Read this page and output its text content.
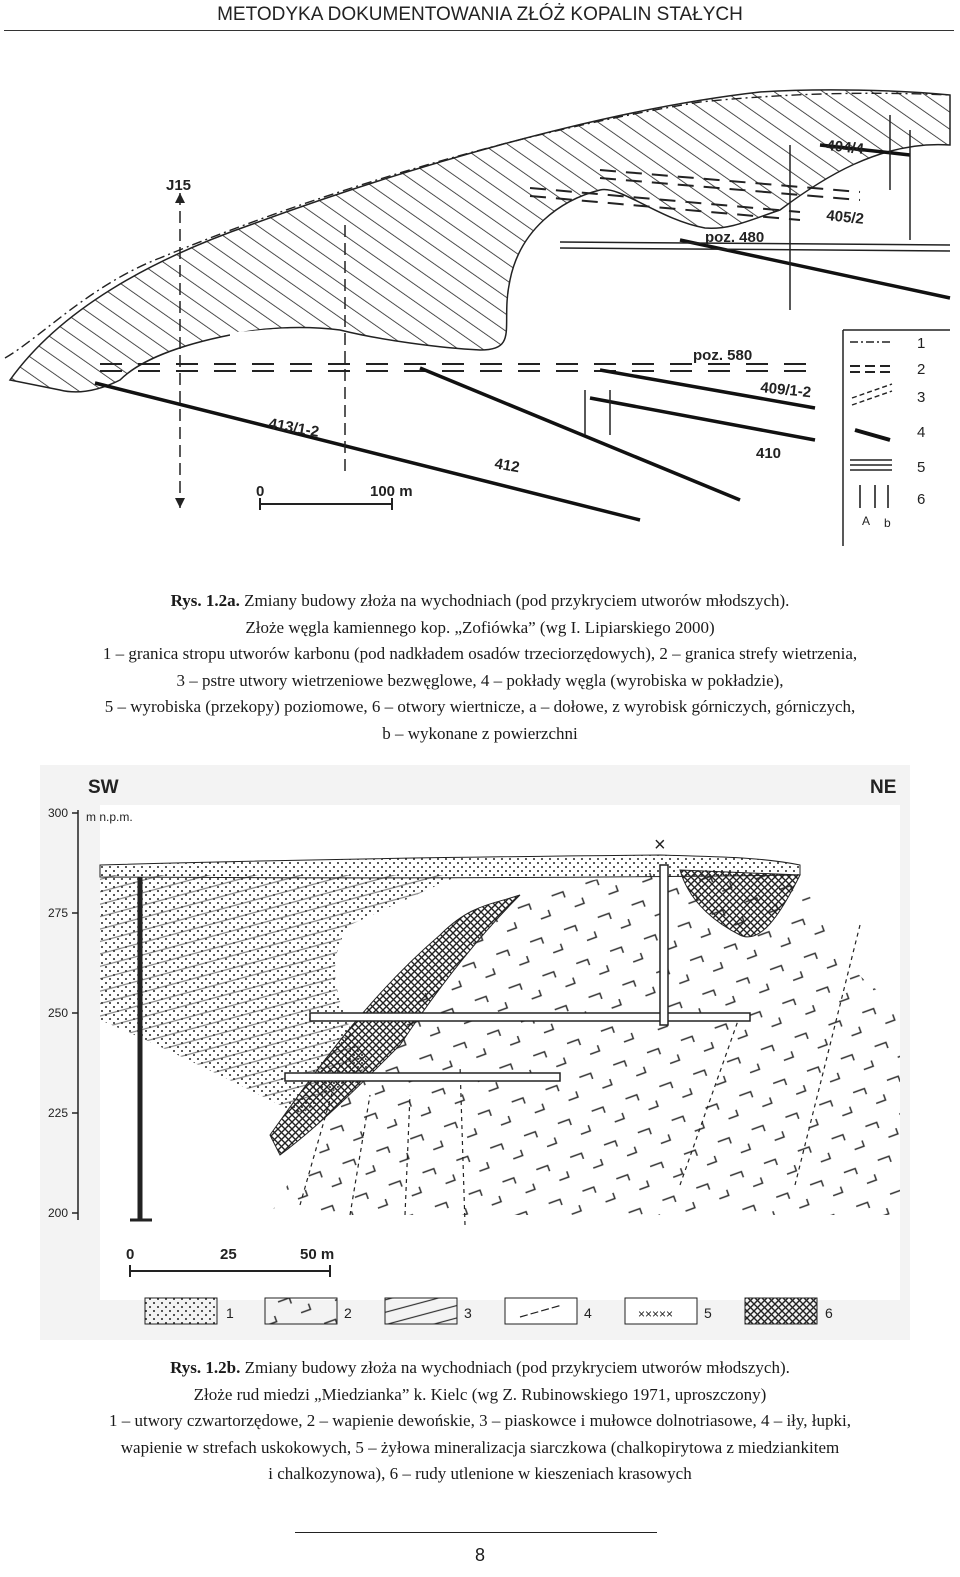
METODYKA DOKUMENTOWANIA ZŁÓŻ KOPALIN STAŁYCH
J15
404/4
405/2
poz. 480
poz. 580
409/1-2
413/1-2
412
410
0	100 m
1
2
3
4
5
6
A b
Rys. 1.2a. Zmiany budowy złoża na wychodniach (pod przykryciem utworów młodszych).
Złoże węgla kamiennego kop. „Zofiówka” (wg I. Lipiarskiego 2000)
1 – granica stropu utworów karbonu (pod nadkładem osadów trzeciorzędowych), 2 – granica strefy wietrzenia,
3 – pstre utwory wietrzeniowe bezwęglowe, 4 – pokłady węgla (wyrobiska w pokładzie),
5 – wyrobiska (przekopy) poziomowe, 6 – otwory wiertnicze, a – dołowe, z wyrobisk górniczych, górniczych,
b – wykonane z powierzchni
×
300
275
250
225
200
m n.p.m.
SW	NE
0	25	50 m
1	2	3	4	××××× 5	6
Rys. 1.2b. Zmiany budowy złoża na wychodniach (pod przykryciem utworów młodszych).
Złoże rud miedzi „Miedzianka” k. Kielc (wg Z. Rubinowskiego 1971, uproszczony)
1 – utwory czwartorzędowe, 2 – wapienie dewońskie, 3 – piaskowce i mułowce dolnotriasowe, 4 – iły, łupki,
wapienie w strefach uskokowych, 5 – żyłowa mineralizacja siarczkowa (chalkopirytowa z miedziankitem
i chalkozynowa), 6 – rudy utlenione w kieszeniach krasowych
8
